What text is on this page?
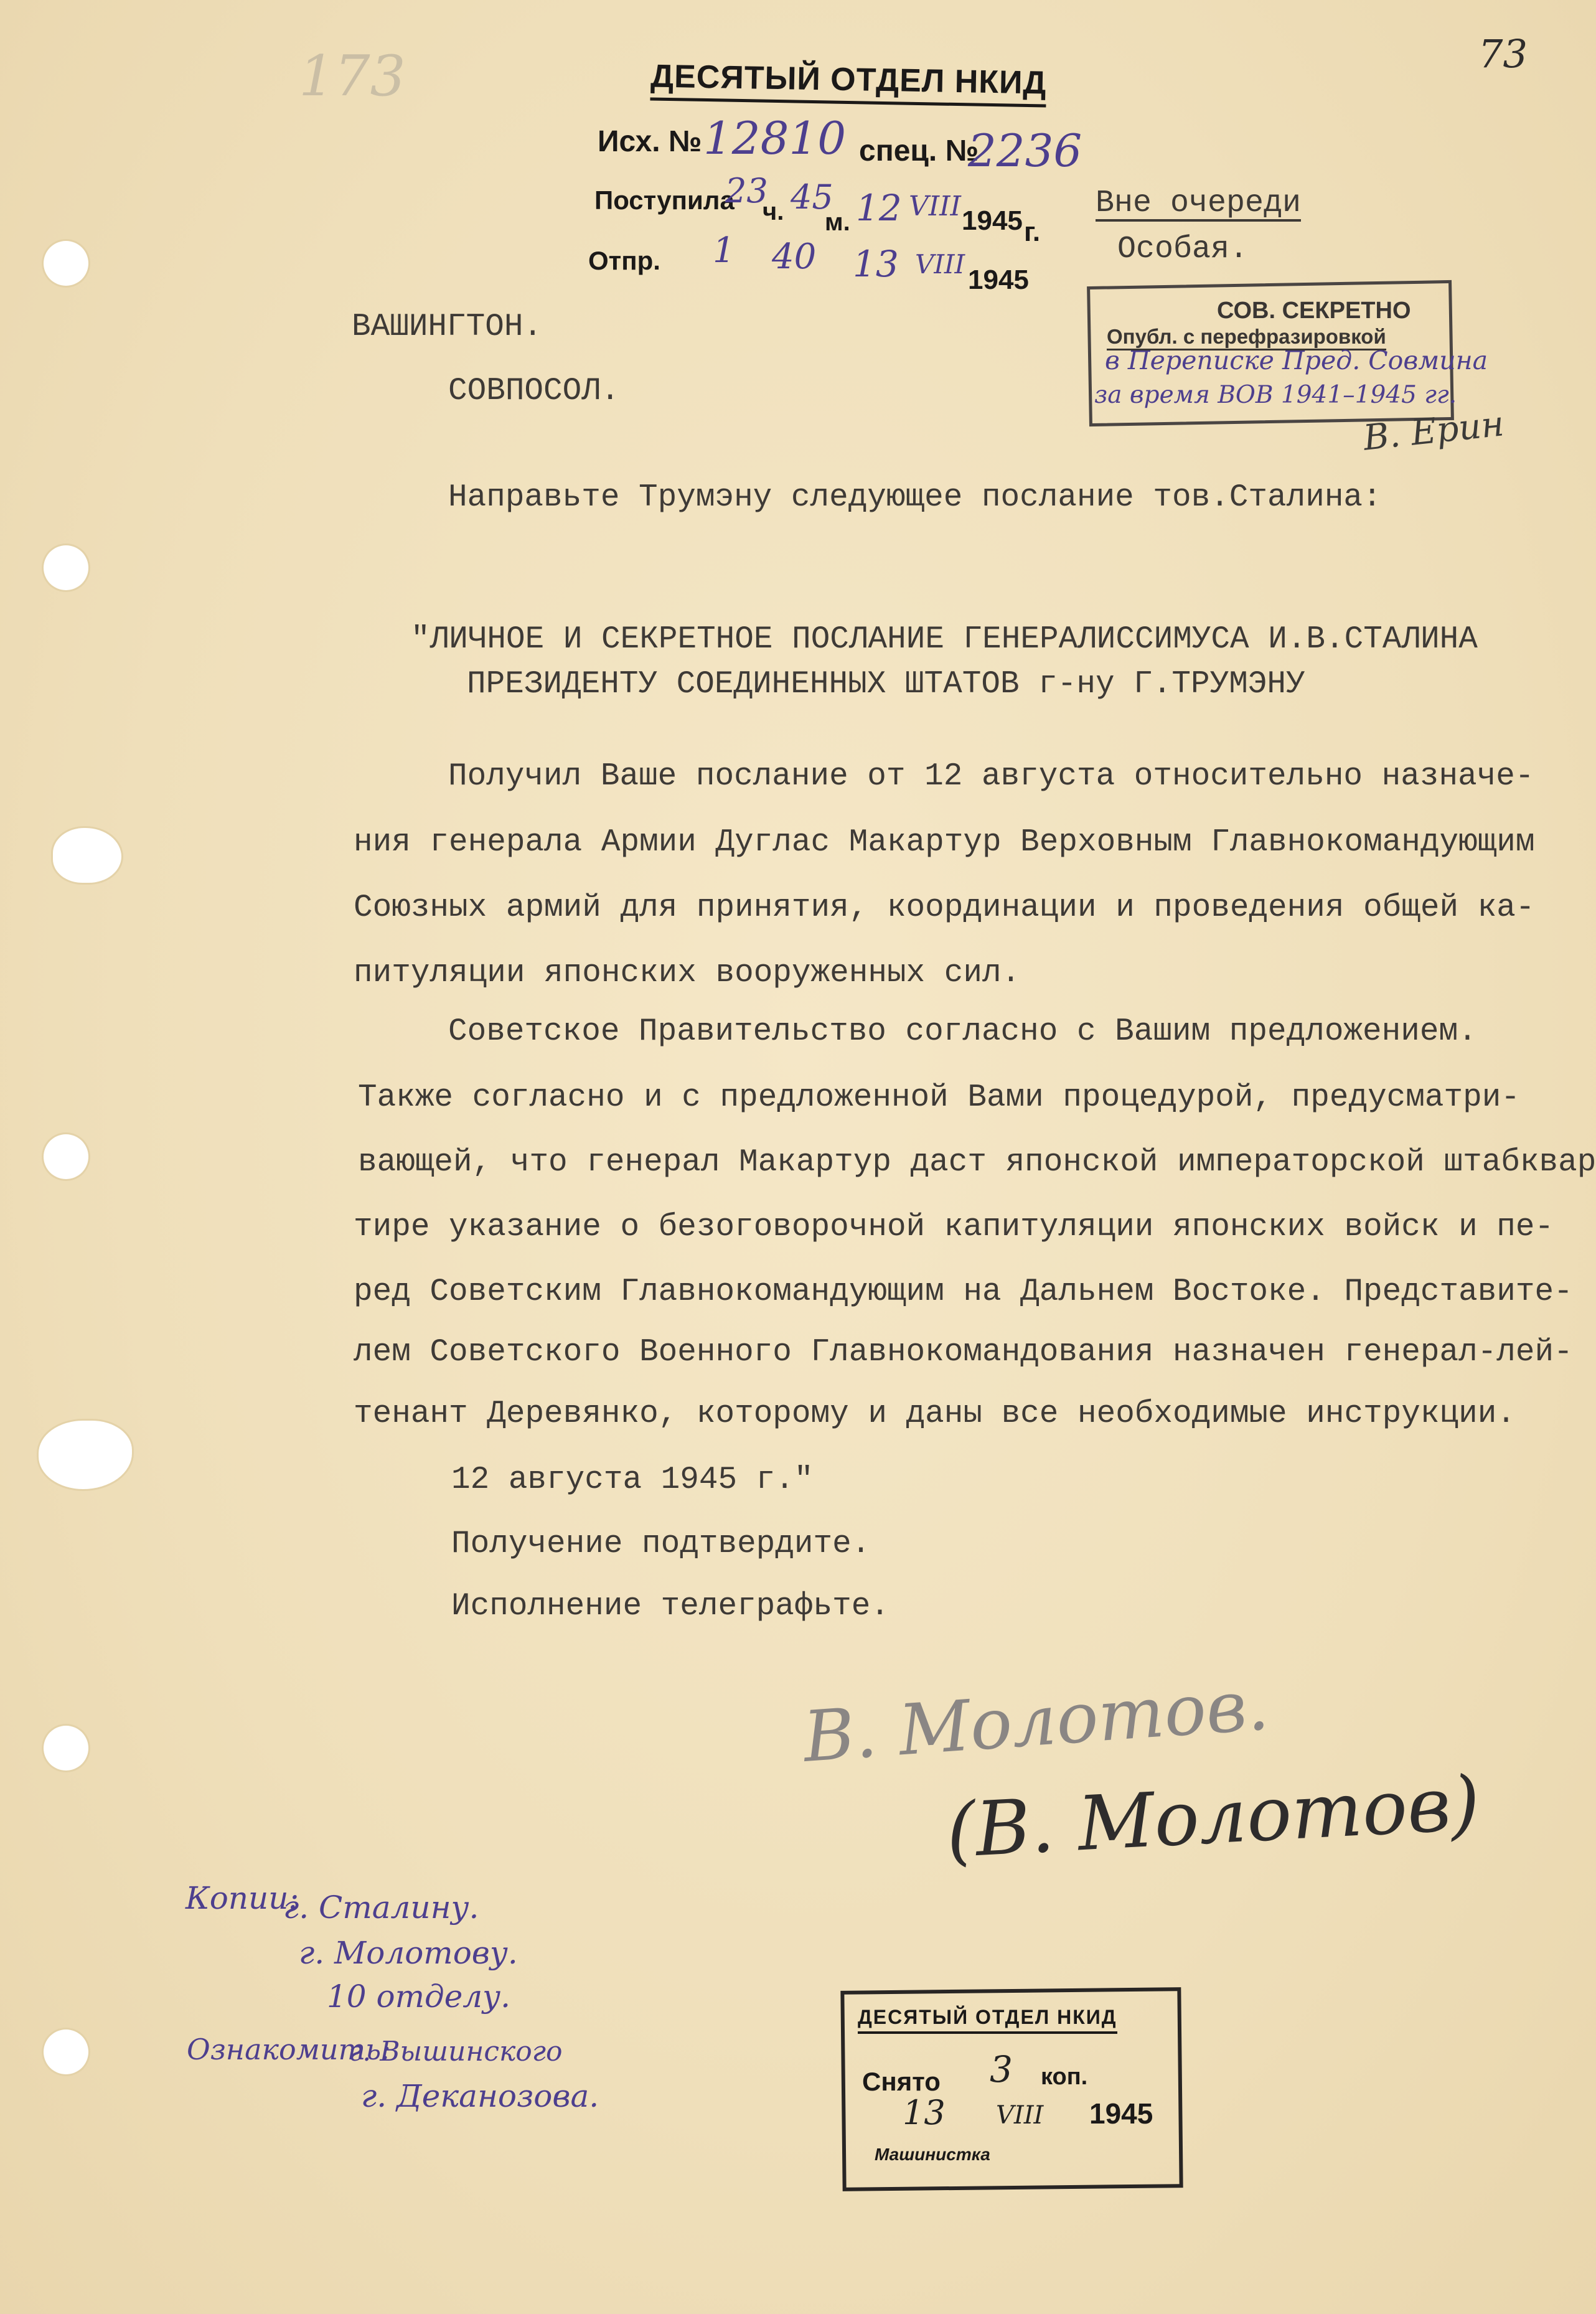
173	73
ДЕСЯТЫЙ ОТДЕЛ НКИД
Исх. № 12810 спец. №
2236
Поступила
23
ч. 45
м. 12 VIII 1945 г.
Отпр. 1 40 13 VIII
1945
Вне очереди
Особая.
СОВ. СЕКРЕТНО
Опубл. с перефразировкой
в Переписке Пред. Совмина
за время ВОВ 1941–1945 гг.
В. Ерин
ВАШИНГТОН.
СОВПОСОЛ.
Направьте Трумэну следующее послание тов.Сталина:
"ЛИЧНОЕ И СЕКРЕТНОЕ ПОСЛАНИЕ ГЕНЕРАЛИССИМУСА И.В.СТАЛИНА
ПРЕЗИДЕНТУ СОЕДИНЕННЫХ ШТАТОВ г-ну Г.ТРУМЭНУ
Получил Ваше послание от 12 августа относительно назначе-
ния генерала Армии Дуглас Макартур Верховным Главнокомандующим
Союзных армий для принятия, координации и проведения общей ка-
питуляции японских вооруженных сил.
Советское Правительство согласно с Вашим предложением.
Также согласно и с предложенной Вами процедурой, предусматри-
вающей, что генерал Макартур даст японской императорской штабквар
тире указание о безоговорочной капитуляции японских войск и пе-
ред Советским Главнокомандующим на Дальнем Востоке. Представите-
лем Советского Военного Главнокомандования назначен генерал-лей-
тенант Деревянко, которому и даны все необходимые инструкции.
12 августа 1945 г."
Получение подтвердите.
Исполнение телеграфьте.
В. Молотов.
(В. Молотов)
Копии:
г. Сталину.
г. Молотову.
10 отделу.
Ознакомить:
г. Вышинского
г. Деканозова.
ДЕСЯТЫЙ ОТДЕЛ НКИД
Снято 3 коп.
13 VIII 1945
Машинистка
